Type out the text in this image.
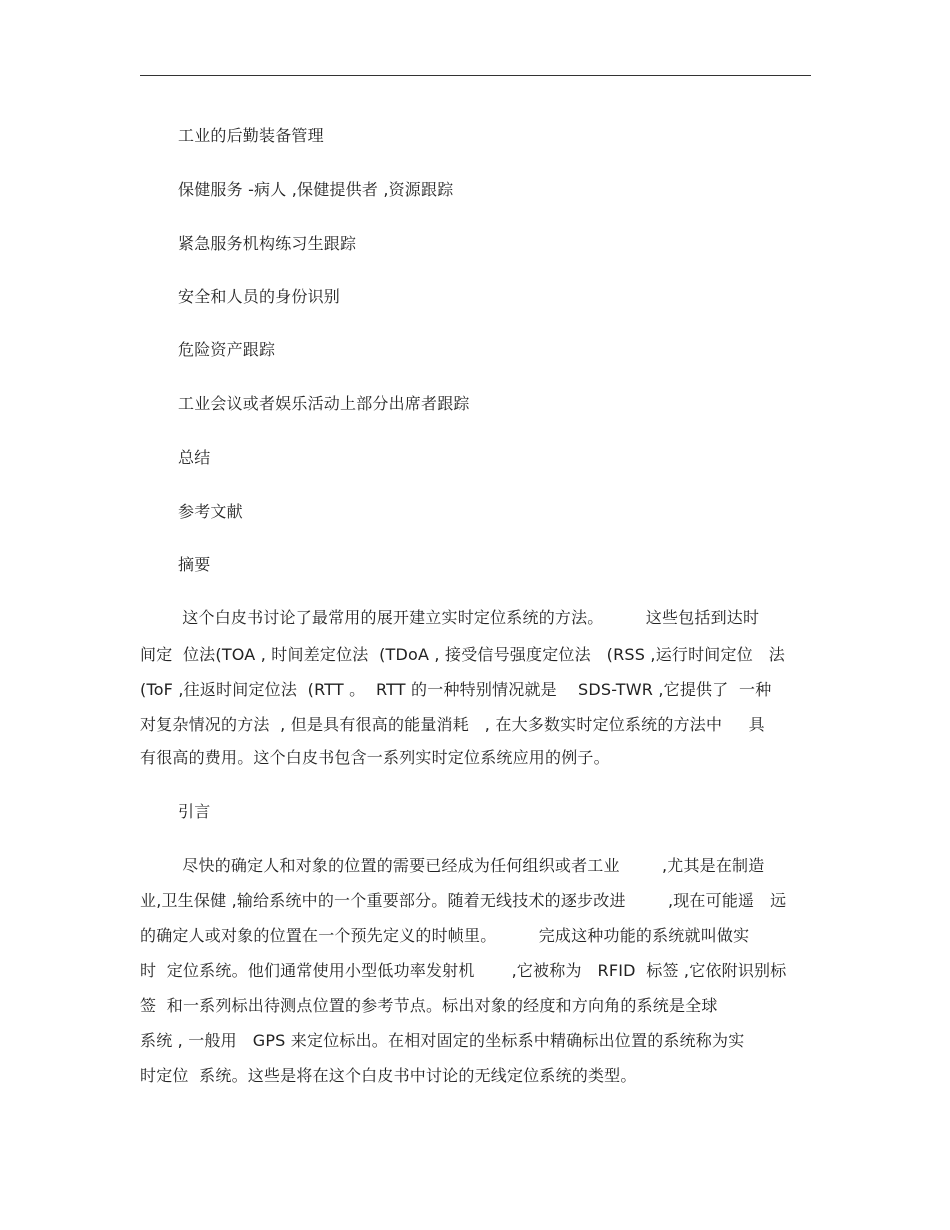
工业的后勤装备管理
保健服务 -病人 ,保健提供者 ,资源跟踪
紧急服务机构练习生跟踪
安全和人员的身份识别
危险资产跟踪
工业会议或者娱乐活动上部分出席者跟踪
总结
参考文献
摘要
这个白皮书讨论了最常用的展开建立实时定位系统的方法。        这些包括到达时
间定  位法(TOA , 时间差定位法  (TDoA , 接受信号强度定位法   (RSS ,运行时间定位   法
(ToF ,往返时间定位法  (RTT 。  RTT 的一种特别情况就是    SDS-TWR ,它提供了  一种
对复杂情况的方法  , 但是具有很高的能量消耗   , 在大多数实时定位系统的方法中     具
有很高的费用。这个白皮书包含一系列实时定位系统应用的例子。
引言
尽快的确定人和对象的位置的需要已经成为任何组织或者工业        ,尤其是在制造
业,卫生保健 ,输给系统中的一个重要部分。随着无线技术的逐步改进        ,现在可能遥   远
的确定人或对象的位置在一个预先定义的时帧里。        完成这种功能的系统就叫做实
时  定位系统。他们通常使用小型低功率发射机       ,它被称为   RFID  标签 ,它依附识别标
签  和一系列标出待测点位置的参考节点。标出对象的经度和方向角的系统是全球
系统 , 一般用   GPS 来定位标出。在相对固定的坐标系中精确标出位置的系统称为实
时定位  系统。这些是将在这个白皮书中讨论的无线定位系统的类型。
